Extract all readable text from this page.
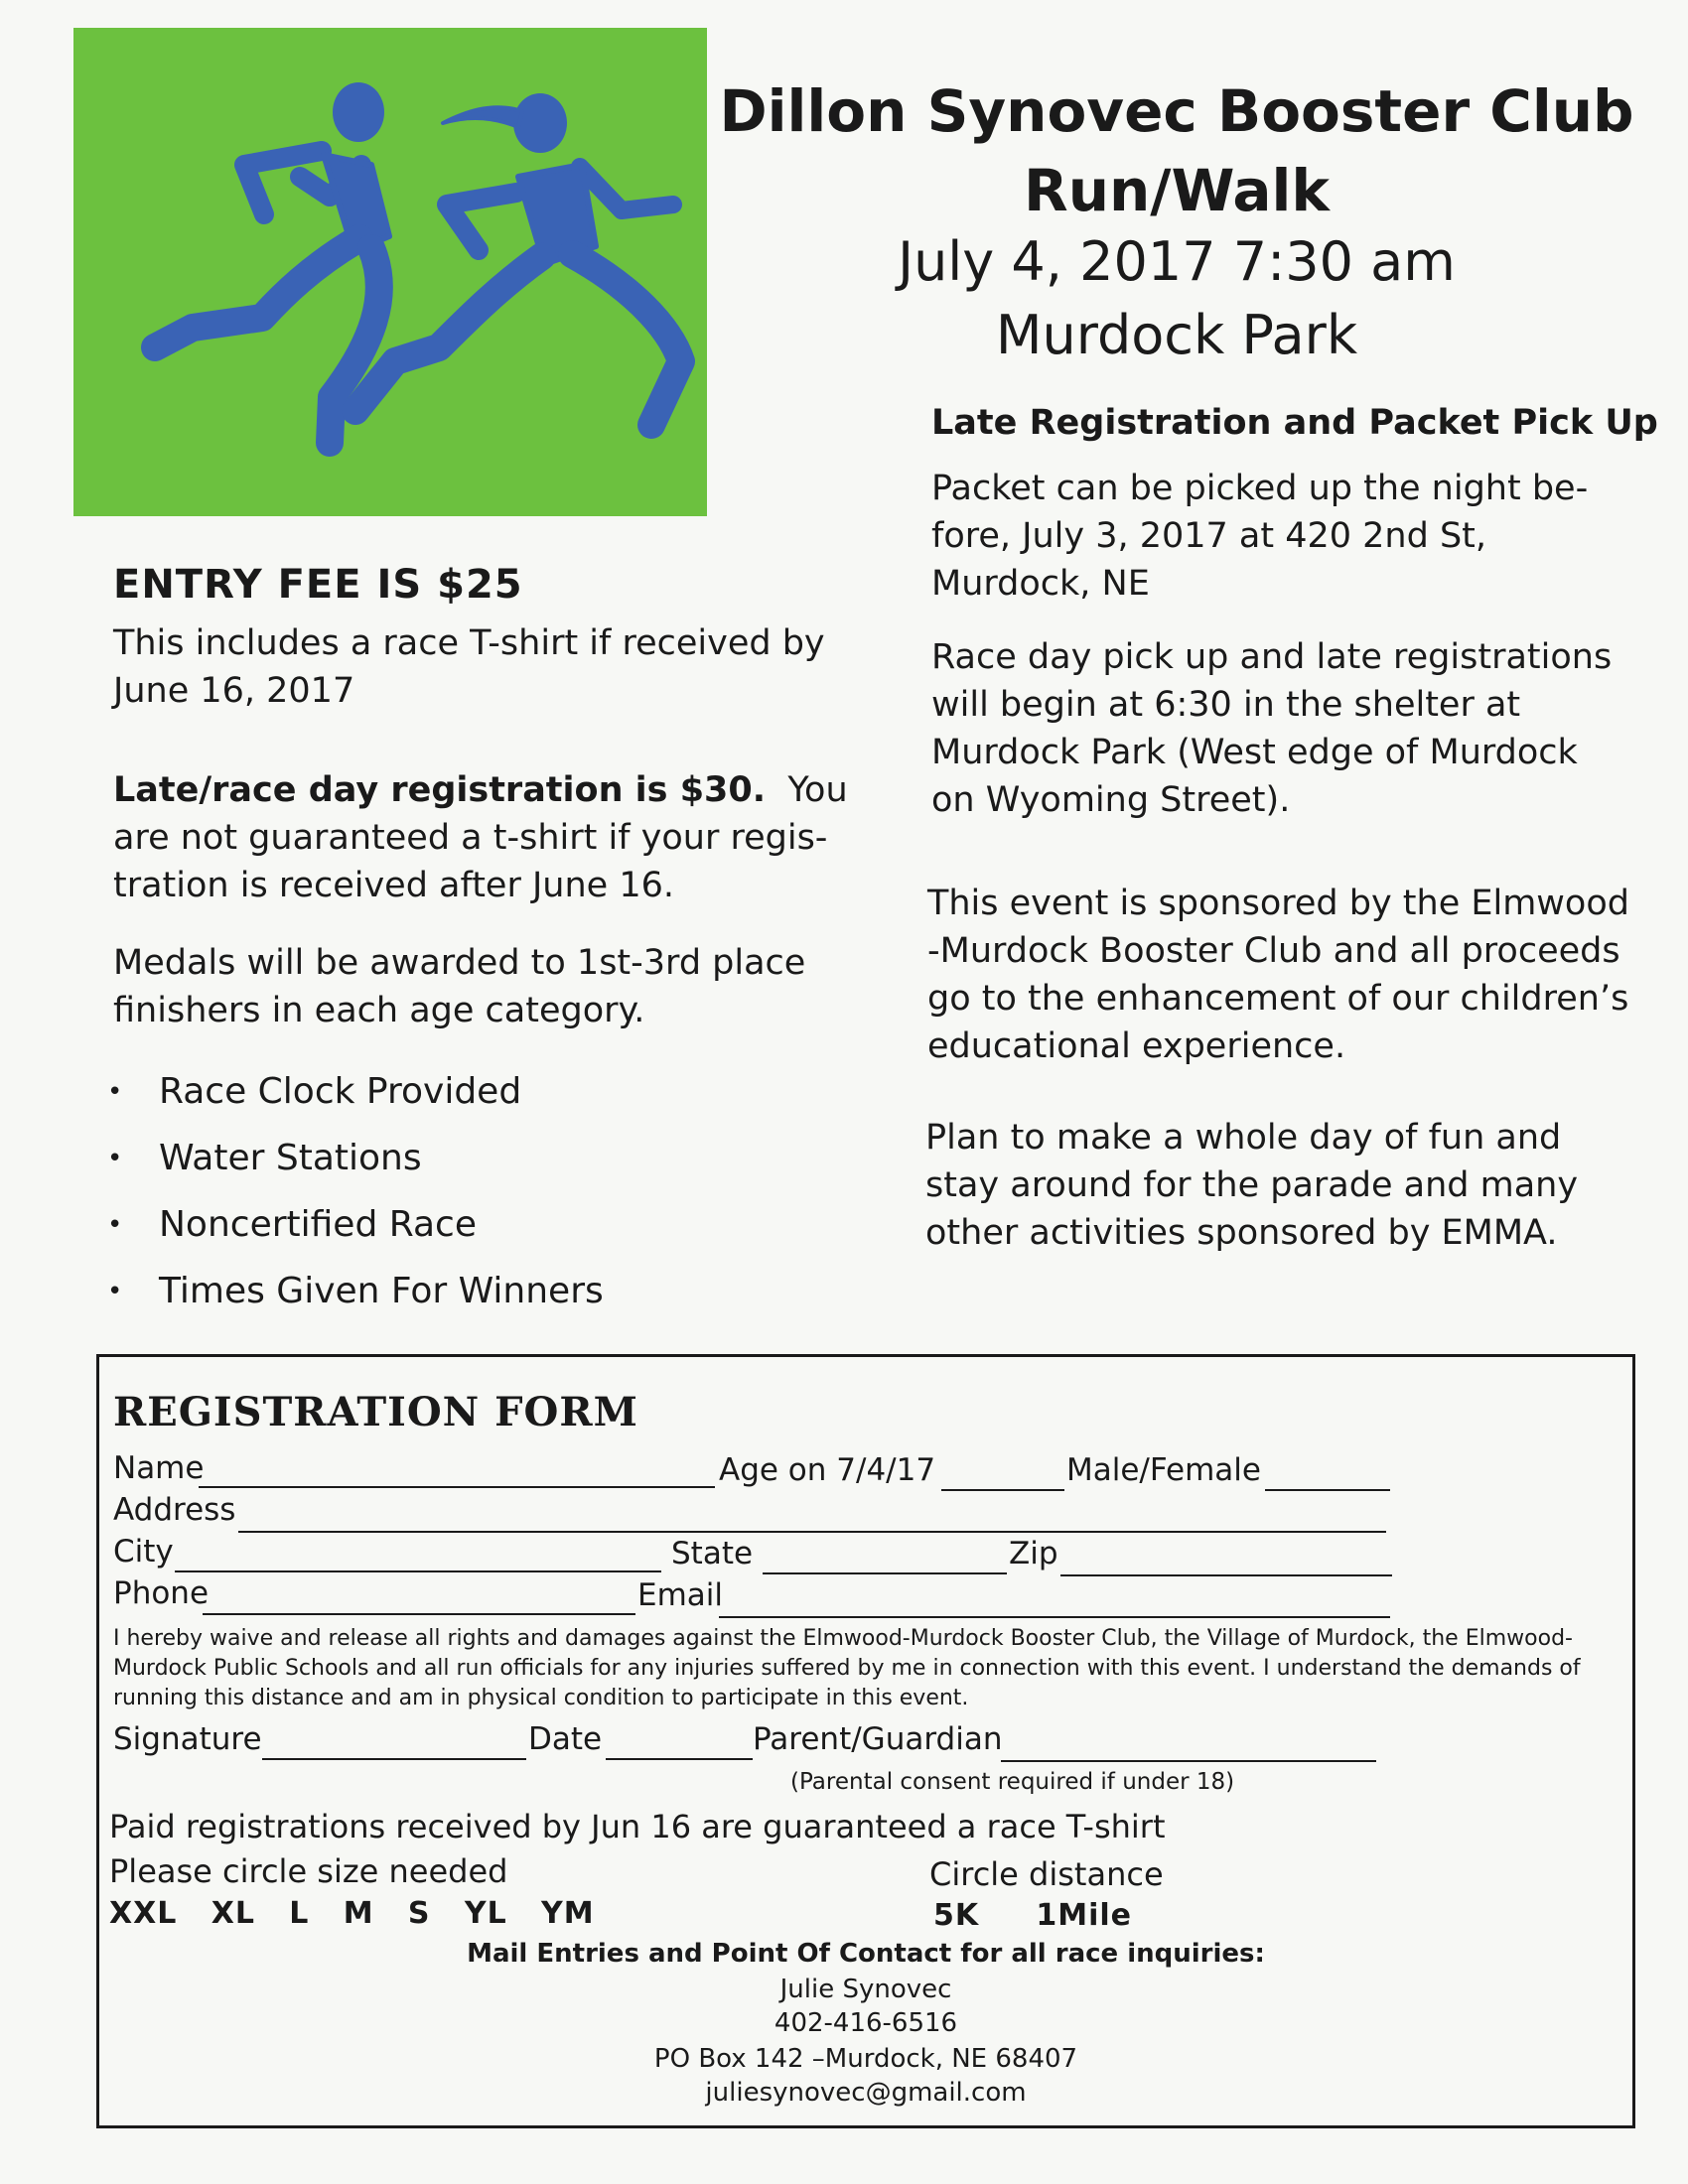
Dillon Synovec Booster Club
Run/Walk
July 4, 2017 7:30 am
Murdock Park
ENTRY FEE IS $25
This includes a race T-shirt if received by
June 16, 2017
Late/race day registration is $30.  You
are not guaranteed a t-shirt if your regis-
tration is received after June 16.
Medals will be awarded to 1st-3rd place
finishers in each age category.
• Race Clock Provided
• Water Stations
• Noncertified Race
• Times Given For Winners
Late Registration and Packet Pick Up
Packet can be picked up the night be-
fore, July 3, 2017 at 420 2nd St,
Murdock, NE
Race day pick up and late registrations
will begin at 6:30 in the shelter at
Murdock Park (West edge of Murdock
on Wyoming Street).
This event is sponsored by the Elmwood
-Murdock Booster Club and all proceeds
go to the enhancement of our children’s
educational experience.
Plan to make a whole day of fun and
stay around for the parade and many
other activities sponsored by EMMA.
REGISTRATION FORM
Name	Age on 7/4/17	Male/Female
Address
City	State	Zip
Phone	Email
I hereby waive and release all rights and damages against the Elmwood-Murdock Booster Club, the Village of Murdock, the Elmwood-Murdock Public Schools and all run officials for any injuries suffered by me in connection with this event. I understand the demands of running this distance and am in physical condition to participate in this event.
Signature	Date	Parent/Guardian
(Parental consent required if under 18)
Paid registrations received by Jun 16 are guaranteed a race T-shirt
Please circle size needed	Circle distance
XXL   XL   L   M   S   YL   YM	5K     1Mile
Mail Entries and Point Of Contact for all race inquiries:
Julie Synovec
402-416-6516
PO Box 142 –Murdock, NE 68407
juliesynovec@gmail.com
